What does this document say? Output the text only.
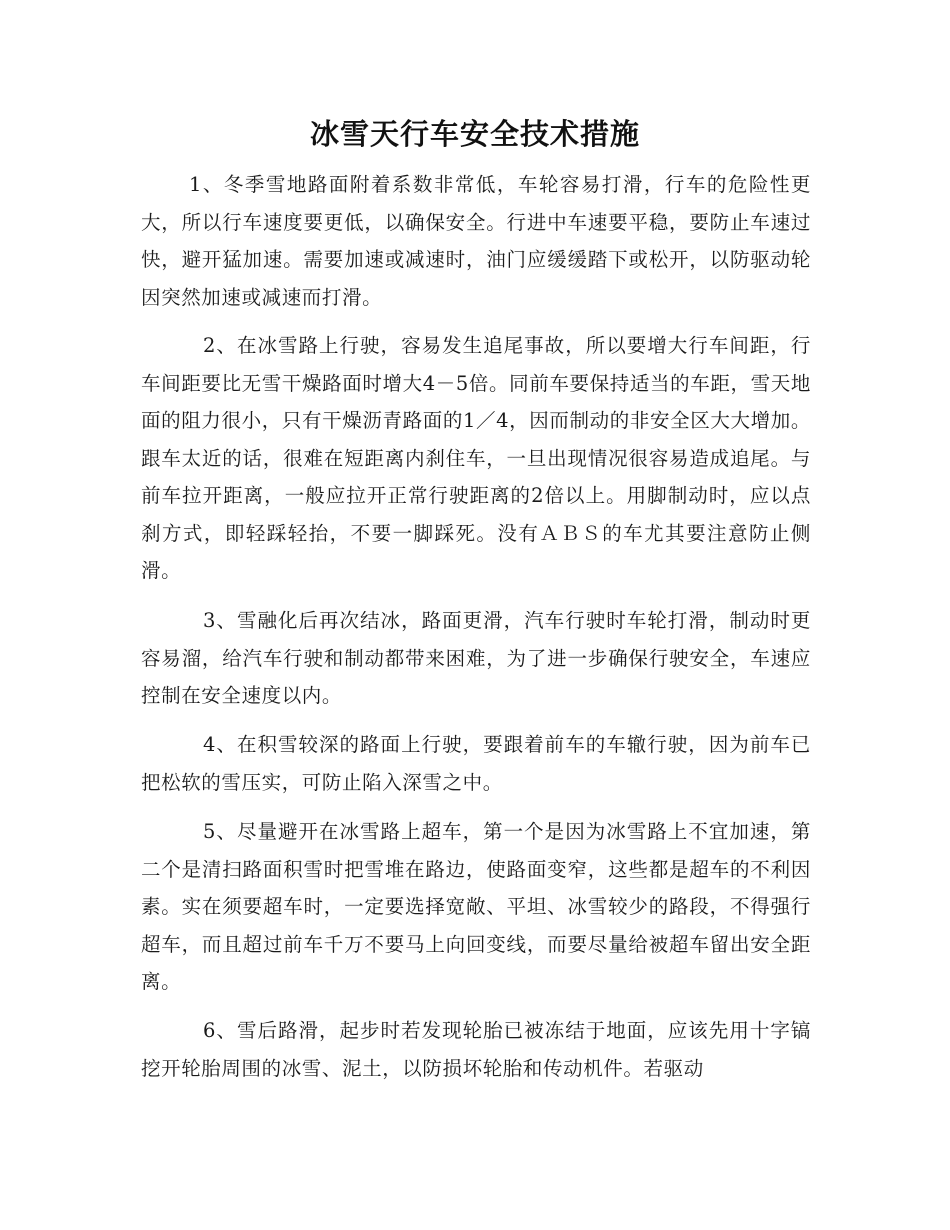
冰雪天行车安全技术措施

1、冬季雪地路面附着系数非常低，车轮容易打滑，行车的危险性更大，所以行车速度要更低，以确保安全。行进中车速要平稳，要防止车速过快，避开猛加速。需要加速或减速时，油门应缓缓踏下或松开，以防驱动轮因突然加速或减速而打滑。

2、在冰雪路上行驶，容易发生追尾事故，所以要增大行车间距，行车间距要比无雪干燥路面时增大4－5倍。同前车要保持适当的车距，雪天地面的阻力很小，只有干燥沥青路面的1／4，因而制动的非安全区大大增加。跟车太近的话，很难在短距离内刹住车，一旦出现情况很容易造成追尾。与前车拉开距离，一般应拉开正常行驶距离的2倍以上。用脚制动时，应以点刹方式，即轻踩轻抬，不要一脚踩死。没有ＡＢＳ的车尤其要注意防止侧滑。

3、雪融化后再次结冰，路面更滑，汽车行驶时车轮打滑，制动时更容易溜，给汽车行驶和制动都带来困难，为了进一步确保行驶安全，车速应控制在安全速度以内。

4、在积雪较深的路面上行驶，要跟着前车的车辙行驶，因为前车已把松软的雪压实，可防止陷入深雪之中。

5、尽量避开在冰雪路上超车，第一个是因为冰雪路上不宜加速，第二个是清扫路面积雪时把雪堆在路边，使路面变窄，这些都是超车的不利因素。实在须要超车时，一定要选择宽敞、平坦、冰雪较少的路段，不得强行超车，而且超过前车千万不要马上向回变线，而要尽量给被超车留出安全距离。

6、雪后路滑，起步时若发现轮胎已被冻结于地面，应该先用十字镐挖开轮胎周围的冰雪、泥土，以防损坏轮胎和传动机件。若驱动
